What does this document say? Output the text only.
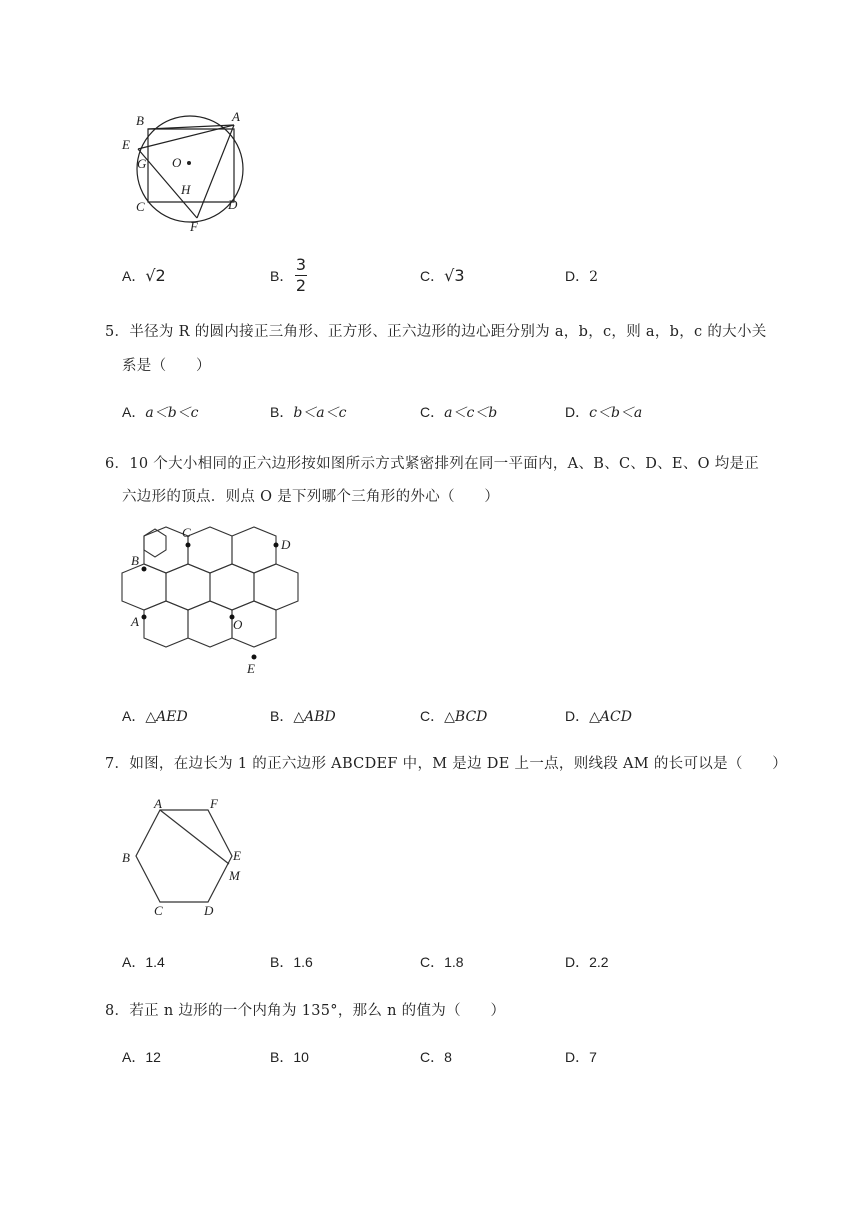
B	A
E
G O
H
C	D
F
A．√2	B．
3
2	C．√3	D．2
5．半径为 R 的圆内接正三角形、正方形、正六边形的边心距分别为 a，b，c，则 a，b，c 的大小关
系是（　　）
A．a＜b＜c	B．b＜a＜c	C．a＜c＜b	D．c＜b＜a
6．10 个大小相同的正六边形按如图所示方式紧密排列在同一平面内，A、B、C、D、E、O 均是正
六边形的顶点．则点 O 是下列哪个三角形的外心（　　）
C
D
B
A	O
E
A．△AED	B．△ABD	C．△BCD	D．△ACD
7．如图，在边长为 1 的正六边形 ABCDEF 中，M 是边 DE 上一点，则线段 AM 的长可以是（　　）
A	F
B	E
M
C	D
A．1.4	B．1.6	C．1.8	D．2.2
8．若正 n 边形的一个内角为 135°，那么 n 的值为（　　）
A．12	B．10	C．8	D．7
